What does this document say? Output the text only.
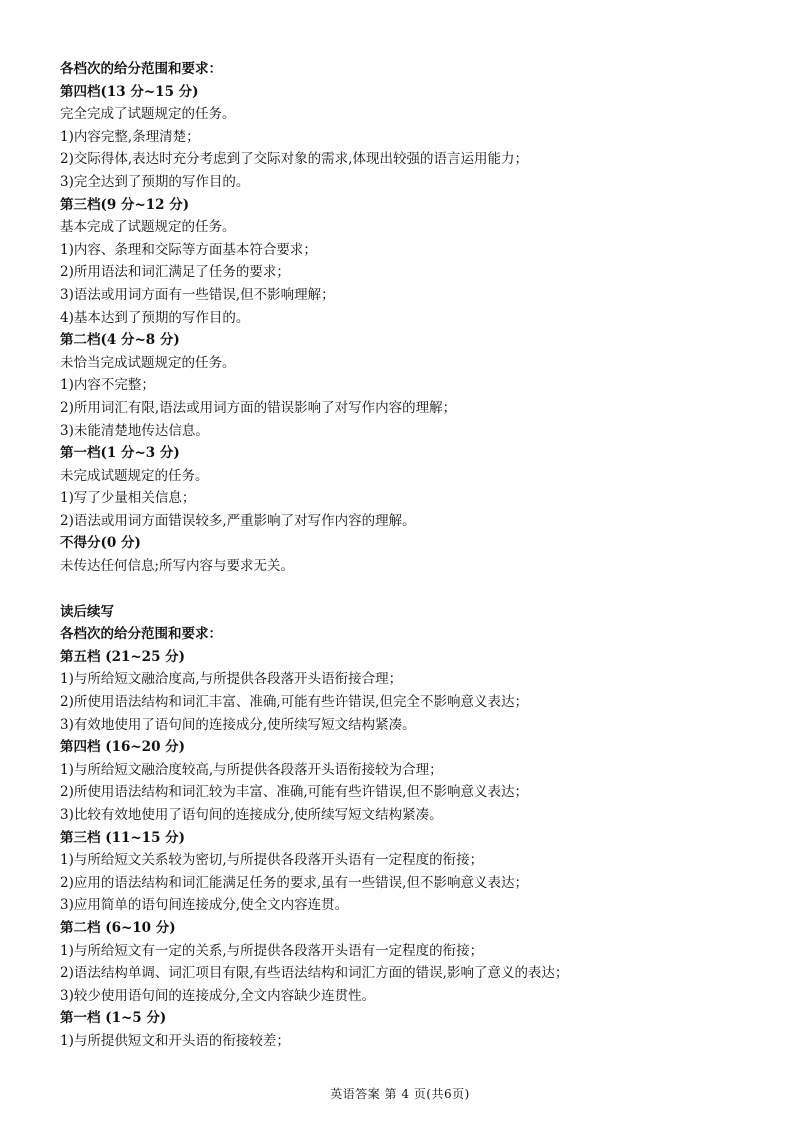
各档次的给分范围和要求：
第四档(13 分~15 分)
完全完成了试题规定的任务。
1)内容完整,条理清楚；
2)交际得体,表达时充分考虑到了交际对象的需求,体现出较强的语言运用能力；
3)完全达到了预期的写作目的。
第三档(9 分~12 分)
基本完成了试题规定的任务。
1)内容、条理和交际等方面基本符合要求；
2)所用语法和词汇满足了任务的要求；
3)语法或用词方面有一些错误,但不影响理解；
4)基本达到了预期的写作目的。
第二档(4 分~8 分)
未恰当完成试题规定的任务。
1)内容不完整；
2)所用词汇有限,语法或用词方面的错误影响了对写作内容的理解；
3)未能清楚地传达信息。
第一档(1 分~3 分)
未完成试题规定的任务。
1)写了少量相关信息；
2)语法或用词方面错误较多,严重影响了对写作内容的理解。
不得分(0 分)
未传达任何信息;所写内容与要求无关。
读后续写
各档次的给分范围和要求：
第五档 (21~25 分)
1)与所给短文融洽度高,与所提供各段落开头语衔接合理；
2)所使用语法结构和词汇丰富、准确,可能有些许错误,但完全不影响意义表达；
3)有效地使用了语句间的连接成分,使所续写短文结构紧凑。
第四档 (16~20 分)
1)与所给短文融洽度较高,与所提供各段落开头语衔接较为合理；
2)所使用语法结构和词汇较为丰富、准确,可能有些许错误,但不影响意义表达；
3)比较有效地使用了语句间的连接成分,使所续写短文结构紧凑。
第三档 (11~15 分)
1)与所给短文关系较为密切,与所提供各段落开头语有一定程度的衔接；
2)应用的语法结构和词汇能满足任务的要求,虽有一些错误,但不影响意义表达；
3)应用简单的语句间连接成分,使全文内容连贯。
第二档 (6~10 分)
1)与所给短文有一定的关系,与所提供各段落开头语有一定程度的衔接；
2)语法结构单调、词汇项目有限,有些语法结构和词汇方面的错误,影响了意义的表达；
3)较少使用语句间的连接成分,全文内容缺少连贯性。
第一档 (1~5 分)
1)与所提供短文和开头语的衔接较差；
英语答案 第 4 页(共6页)
